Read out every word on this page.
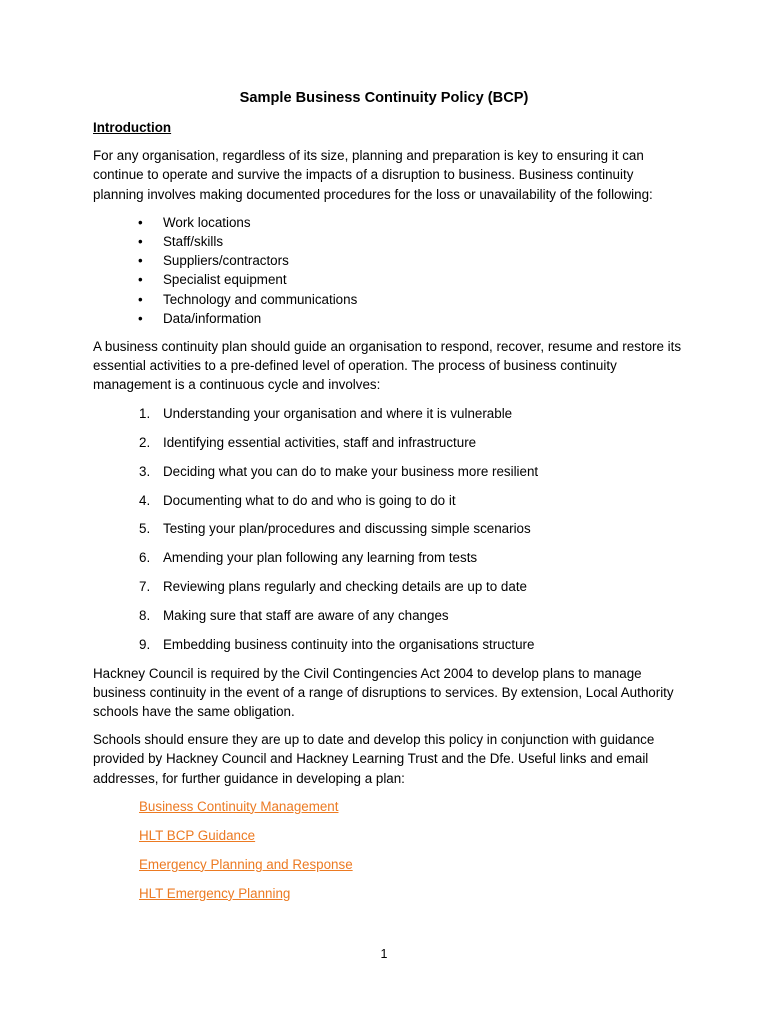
Sample Business Continuity Policy (BCP)
Introduction
For any organisation, regardless of its size, planning and preparation is key to ensuring it can continue to operate and survive the impacts of a disruption to business. Business continuity planning involves making documented procedures for the loss or unavailability of the following:
• Work locations
• Staff/skills
• Suppliers/contractors
• Specialist equipment
• Technology and communications
• Data/information
A business continuity plan should guide an organisation to respond, recover, resume and restore its essential activities to a pre-defined level of operation. The process of business continuity management is a continuous cycle and involves:
1. Understanding your organisation and where it is vulnerable
2. Identifying essential activities, staff and infrastructure
3. Deciding what you can do to make your business more resilient
4. Documenting what to do and who is going to do it
5. Testing your plan/procedures and discussing simple scenarios
6. Amending your plan following any learning from tests
7. Reviewing plans regularly and checking details are up to date
8. Making sure that staff are aware of any changes
9. Embedding business continuity into the organisations structure
Hackney Council is required by the Civil Contingencies Act 2004 to develop plans to manage business continuity in the event of a range of disruptions to services. By extension, Local Authority schools have the same obligation.
Schools should ensure they are up to date and develop this policy in conjunction with guidance provided by Hackney Council and Hackney Learning Trust and the Dfe. Useful links and email addresses, for further guidance in developing a plan:
Business Continuity Management
HLT BCP Guidance
Emergency Planning and Response
HLT Emergency Planning
1
